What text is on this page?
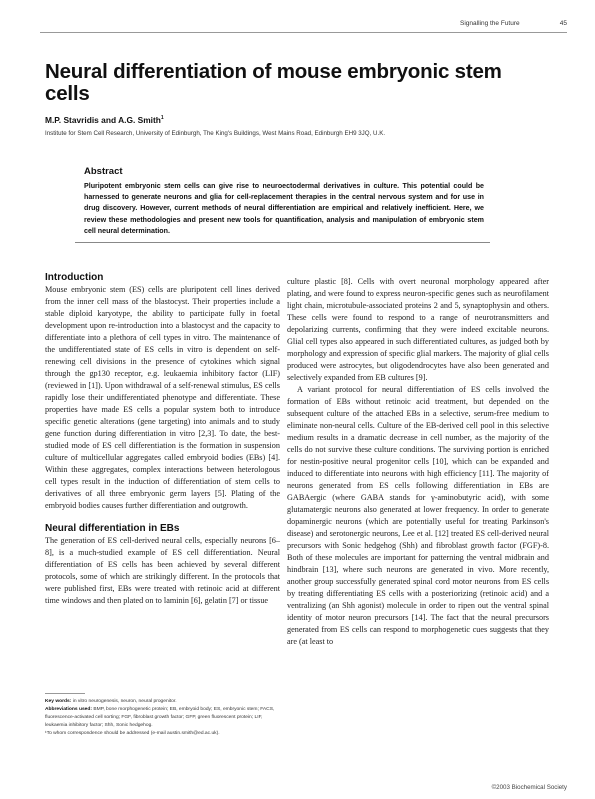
Signalling the Future	45
Neural differentiation of mouse embryonic stem cells
M.P. Stavridis and A.G. Smith$^1$
Institute for Stem Cell Research, University of Edinburgh, The King's Buildings, West Mains Road, Edinburgh EH9 3JQ, U.K.
Abstract

Pluripotent embryonic stem cells can give rise to neuroectodermal derivatives in culture. This potential could be harnessed to generate neurons and glia for cell-replacement therapies in the central nervous system and for use in drug discovery. However, current methods of neural differentiation are empirical and relatively inefficient. Here, we review these methodologies and present new tools for quantification, analysis and manipulation of embryonic stem cell neural determination.

Introduction

Mouse embryonic stem (ES) cells are pluripotent cell lines derived from the inner cell mass of the blastocyst. Their properties include a stable diploid karyotype, the ability to participate fully in foetal development upon re-introduction into a blastocyst and the capacity to differentiate into a plethora of cell types in vitro. The maintenance of the undifferentiated state of ES cells in vitro is dependent on self-renewing cell divisions in the presence of cytokines which signal through the gp130 receptor, e.g. leukaemia inhibitory factor (LIF) (reviewed in [1]). Upon withdrawal of a self-renewal stimulus, ES cells rapidly lose their undifferentiated phenotype and differentiate. These properties have made ES cells a popular system both to introduce specific genetic alterations (gene targeting) into animals and to study gene function during differentiation in vitro [2,3]. To date, the best-studied mode of ES cell differentiation is the formation in suspension culture of multicellular aggregates called embryoid bodies (EBs) [4]. Within these aggregates, complex interactions between heterologous cell types result in the induction of differentiation of stem cells to derivatives of all three embryonic germ layers [5]. Plating of the embryoid bodies causes further differentiation and outgrowth.

Neural differentiation in EBs

The generation of ES cell-derived neural cells, especially neurons [6–8], is a much-studied example of ES cell differentiation. Neural differentiation of ES cells has been achieved by several different protocols, some of which are strikingly different. In the protocols that were published first, EBs were treated with retinoic acid at different time windows and then plated on to laminin [6], gelatin [7] or tissue

culture plastic [8]. Cells with overt neuronal morphology appeared after plating, and were found to express neuron-specific genes such as neurofilament light chain, microtubule-associated proteins 2 and 5, synaptophysin and others. These cells were found to respond to a range of neurotransmitters and depolarizing currents, confirming that they were indeed excitable neurons. Glial cell types also appeared in such differentiated cultures, as judged both by morphology and expression of specific glial markers. The majority of glial cells produced were astrocytes, but oligodendrocytes have also been generated and selectively expanded from EB cultures [9].

A variant protocol for neural differentiation of ES cells involved the formation of EBs without retinoic acid treatment, but depended on the subsequent culture of the attached EBs in a selective, serum-free medium to eliminate non-neural cells. Culture of the EB-derived cell pool in this selective medium results in a dramatic decrease in cell number, as the majority of the cells do not survive these culture conditions. The surviving portion is enriched for nestin-positive neural progenitor cells [10], which can be expanded and induced to differentiate into neurons with high efficiency [11]. The majority of neurons generated from ES cells following differentiation in EBs are GABAergic (where GABA stands for γ-aminobutyric acid), with some glutamatergic neurons also generated at lower frequency. In order to generate dopaminergic neurons (which are potentially useful for treating Parkinson's disease) and serotonergic neurons, Lee et al. [12] treated ES cell-derived neural precursors with Sonic hedgehog (Shh) and fibroblast growth factor (FGF)-8. Both of these molecules are important for patterning the ventral midbrain and hindbrain [13], where such neurons are generated in vivo. More recently, another group successfully generated spinal cord motor neurons from ES cells by treating differentiating ES cells with a posteriorizing (retinoic acid) and a ventralizing (an Shh agonist) molecule in order to ripen out the ventral spinal identity of motor neuron precursors [14]. The fact that the neural precursors generated from ES cells can respond to morphogenetic cues suggests that they are (at least to

Key words: in vitro neurogenesis, neuron, neural progenitor.

Abbreviations used: BMP, bone morphogenetic protein; EB, embryoid body; ES, embryonic stem; FACS, fluorescence-activated cell sorting; FGF, fibroblast growth factor; GFP, green fluorescent protein; LIF, leukaemia inhibitory factor; Shh, Sonic hedgehog.

¹To whom correspondence should be addressed (e-mail austin.smith@ed.ac.uk).

©2003 Biochemical Society
